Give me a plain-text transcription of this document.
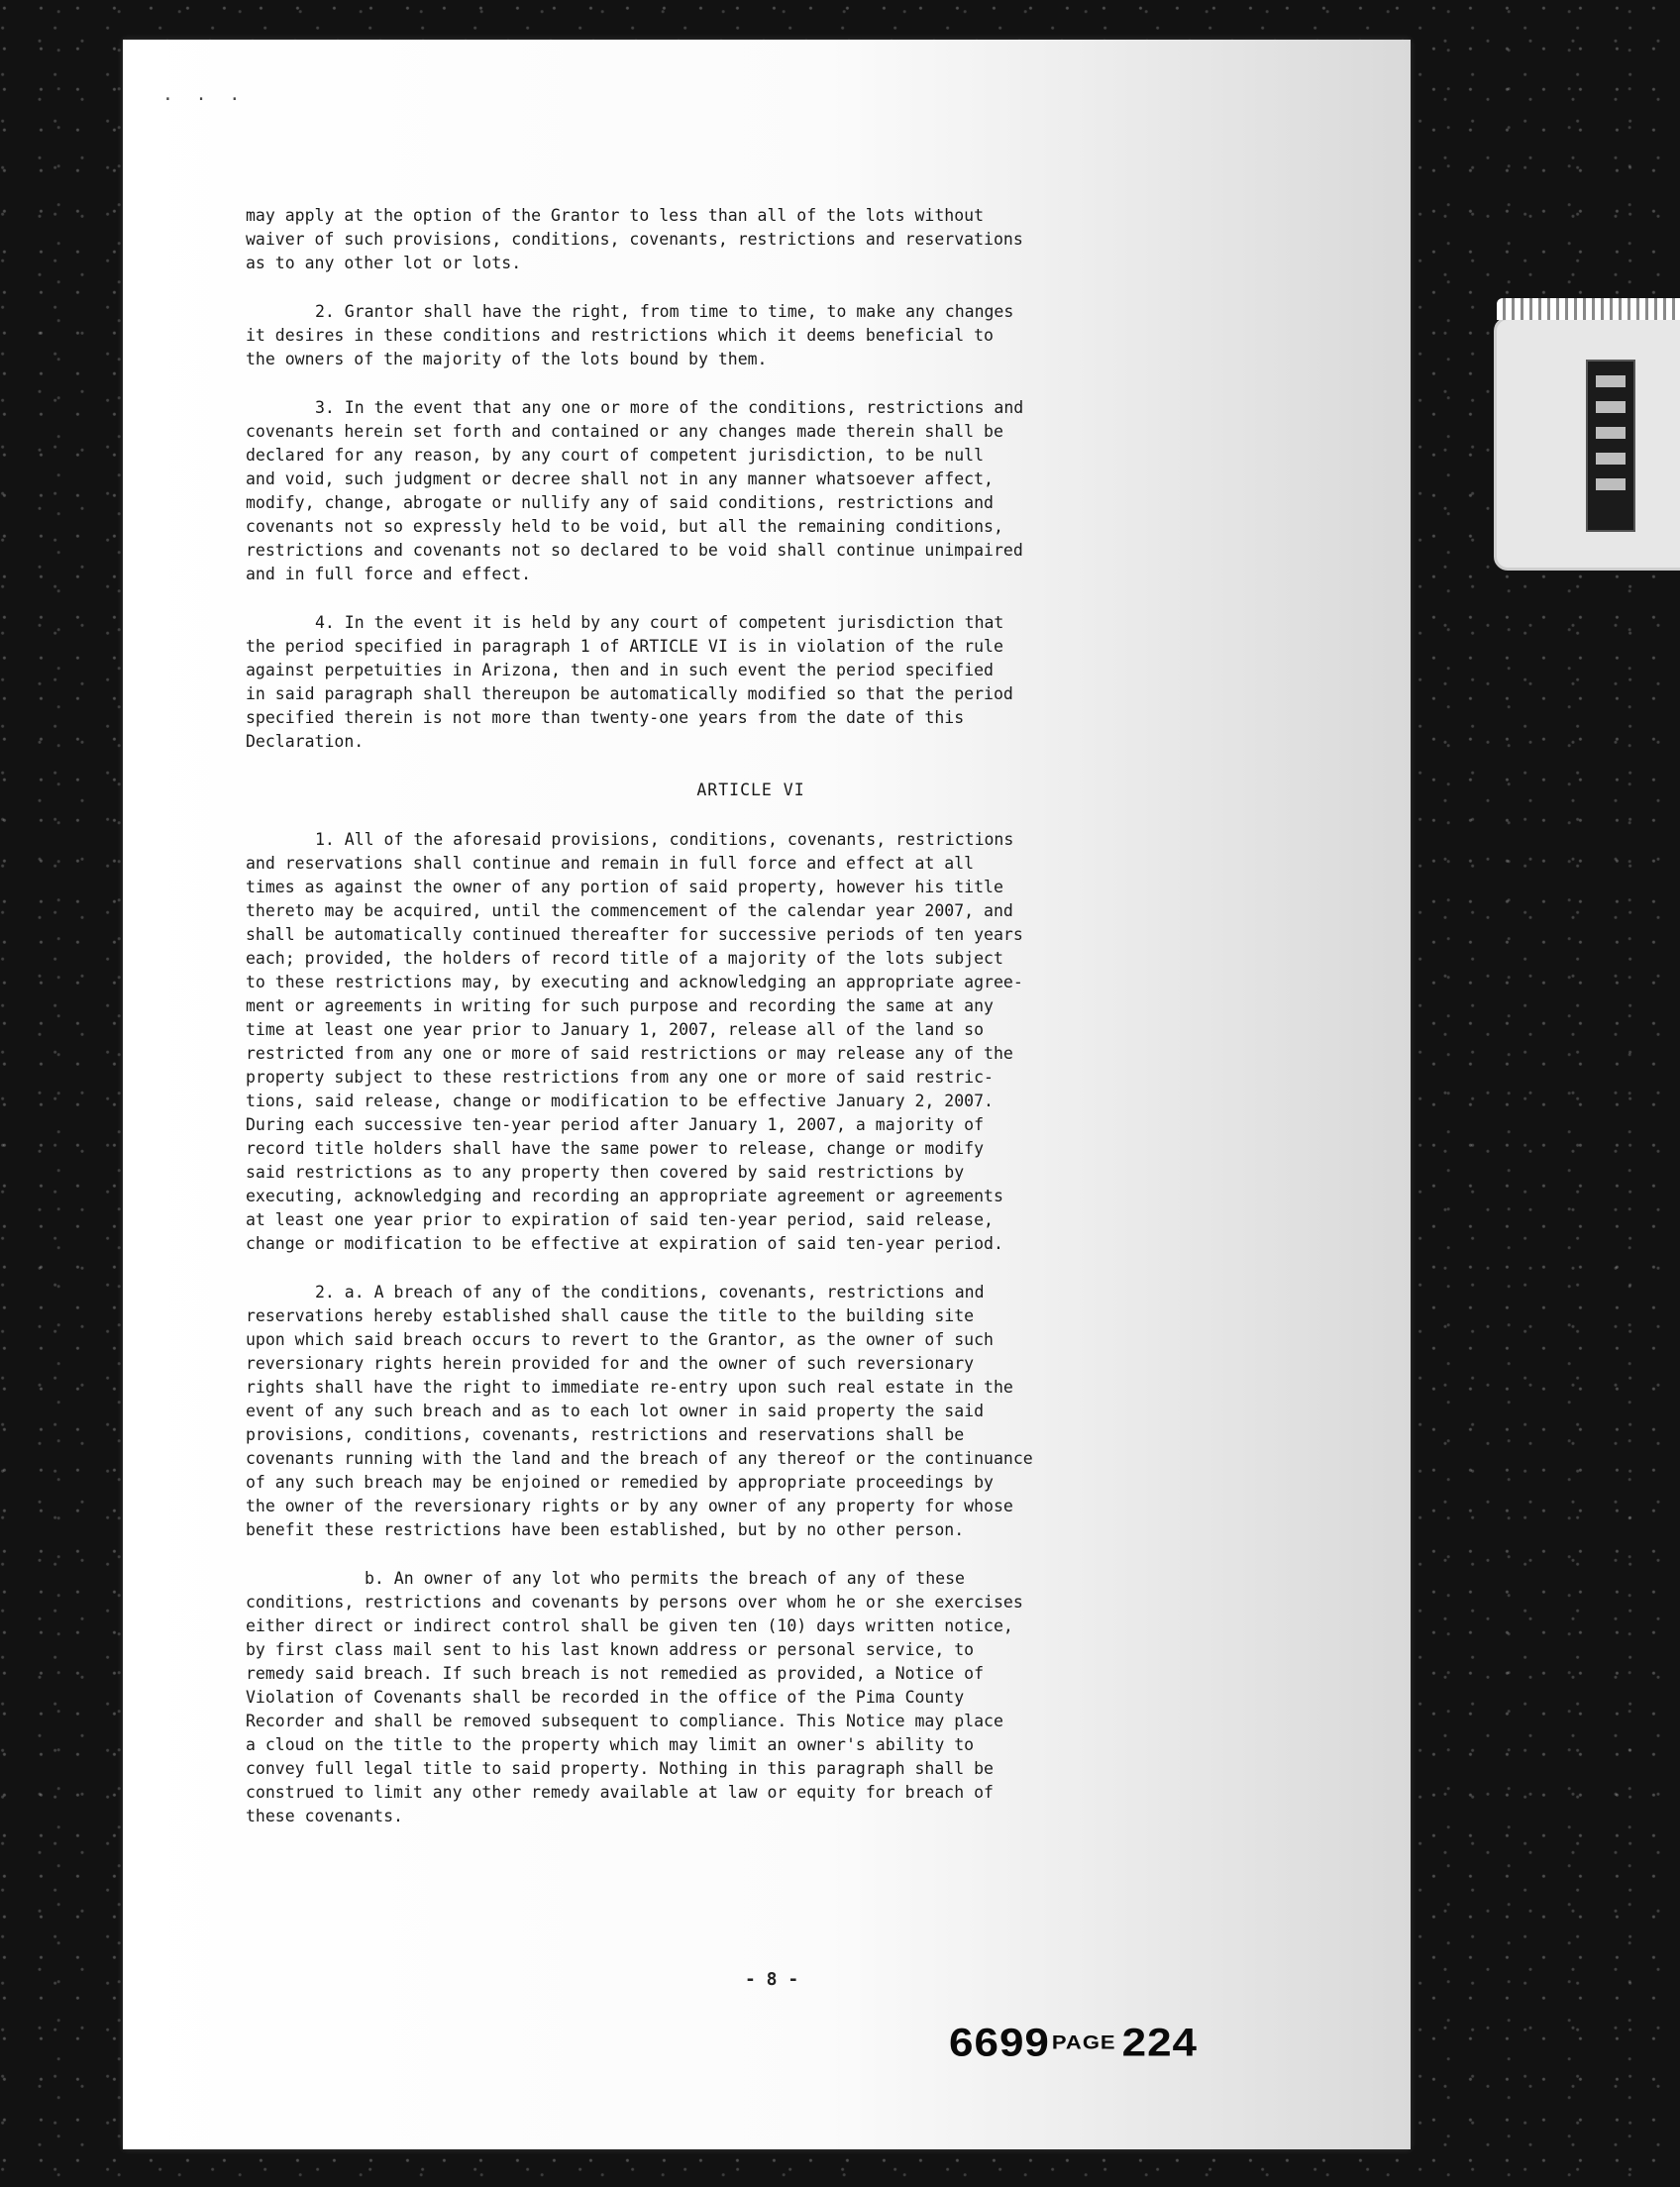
· · ·

may apply at the option of the Grantor to less than all of the lots without
waiver of such provisions, conditions, covenants, restrictions and reservations
as to any other lot or lots.

2. Grantor shall have the right, from time to time, to make any changes
it desires in these conditions and restrictions which it deems beneficial to
the owners of the majority of the lots bound by them.

3. In the event that any one or more of the conditions, restrictions and
covenants herein set forth and contained or any changes made therein shall be
declared for any reason, by any court of competent jurisdiction, to be null
and void, such judgment or decree shall not in any manner whatsoever affect,
modify, change, abrogate or nullify any of said conditions, restrictions and
covenants not so expressly held to be void, but all the remaining conditions,
restrictions and covenants not so declared to be void shall continue unimpaired
and in full force and effect.

4. In the event it is held by any court of competent jurisdiction that
the period specified in paragraph 1 of ARTICLE VI is in violation of the rule
against perpetuities in Arizona, then and in such event the period specified
in said paragraph shall thereupon be automatically modified so that the period
specified therein is not more than twenty-one years from the date of this
Declaration.

ARTICLE VI

1. All of the aforesaid provisions, conditions, covenants, restrictions
and reservations shall continue and remain in full force and effect at all
times as against the owner of any portion of said property, however his title
thereto may be acquired, until the commencement of the calendar year 2007, and
shall be automatically continued thereafter for successive periods of ten years
each; provided, the holders of record title of a majority of the lots subject
to these restrictions may, by executing and acknowledging an appropriate agree-
ment or agreements in writing for such purpose and recording the same at any
time at least one year prior to January 1, 2007, release all of the land so
restricted from any one or more of said restrictions or may release any of the
property subject to these restrictions from any one or more of said restric-
tions, said release, change or modification to be effective January 2, 2007.
During each successive ten-year period after January 1, 2007, a majority of
record title holders shall have the same power to release, change or modify
said restrictions as to any property then covered by said restrictions by
executing, acknowledging and recording an appropriate agreement or agreements
at least one year prior to expiration of said ten-year period, said release,
change or modification to be effective at expiration of said ten-year period.

2. a. A breach of any of the conditions, covenants, restrictions and
reservations hereby established shall cause the title to the building site
upon which said breach occurs to revert to the Grantor, as the owner of such
reversionary rights herein provided for and the owner of such reversionary
rights shall have the right to immediate re-entry upon such real estate in the
event of any such breach and as to each lot owner in said property the said
provisions, conditions, covenants, restrictions and reservations shall be
covenants running with the land and the breach of any thereof or the continuance
of any such breach may be enjoined or remedied by appropriate proceedings by
the owner of the reversionary rights or by any owner of any property for whose
benefit these restrictions have been established, but by no other person.

b. An owner of any lot who permits the breach of any of these
conditions, restrictions and covenants by persons over whom he or she exercises
either direct or indirect control shall be given ten (10) days written notice,
by first class mail sent to his last known address or personal service, to
remedy said breach. If such breach is not remedied as provided, a Notice of
Violation of Covenants shall be recorded in the office of the Pima County
Recorder and shall be removed subsequent to compliance. This Notice may place
a cloud on the title to the property which may limit an owner's ability to
convey full legal title to said property. Nothing in this paragraph shall be
construed to limit any other remedy available at law or equity for breach of
these covenants.

- 8 -
6699PAGE 224
